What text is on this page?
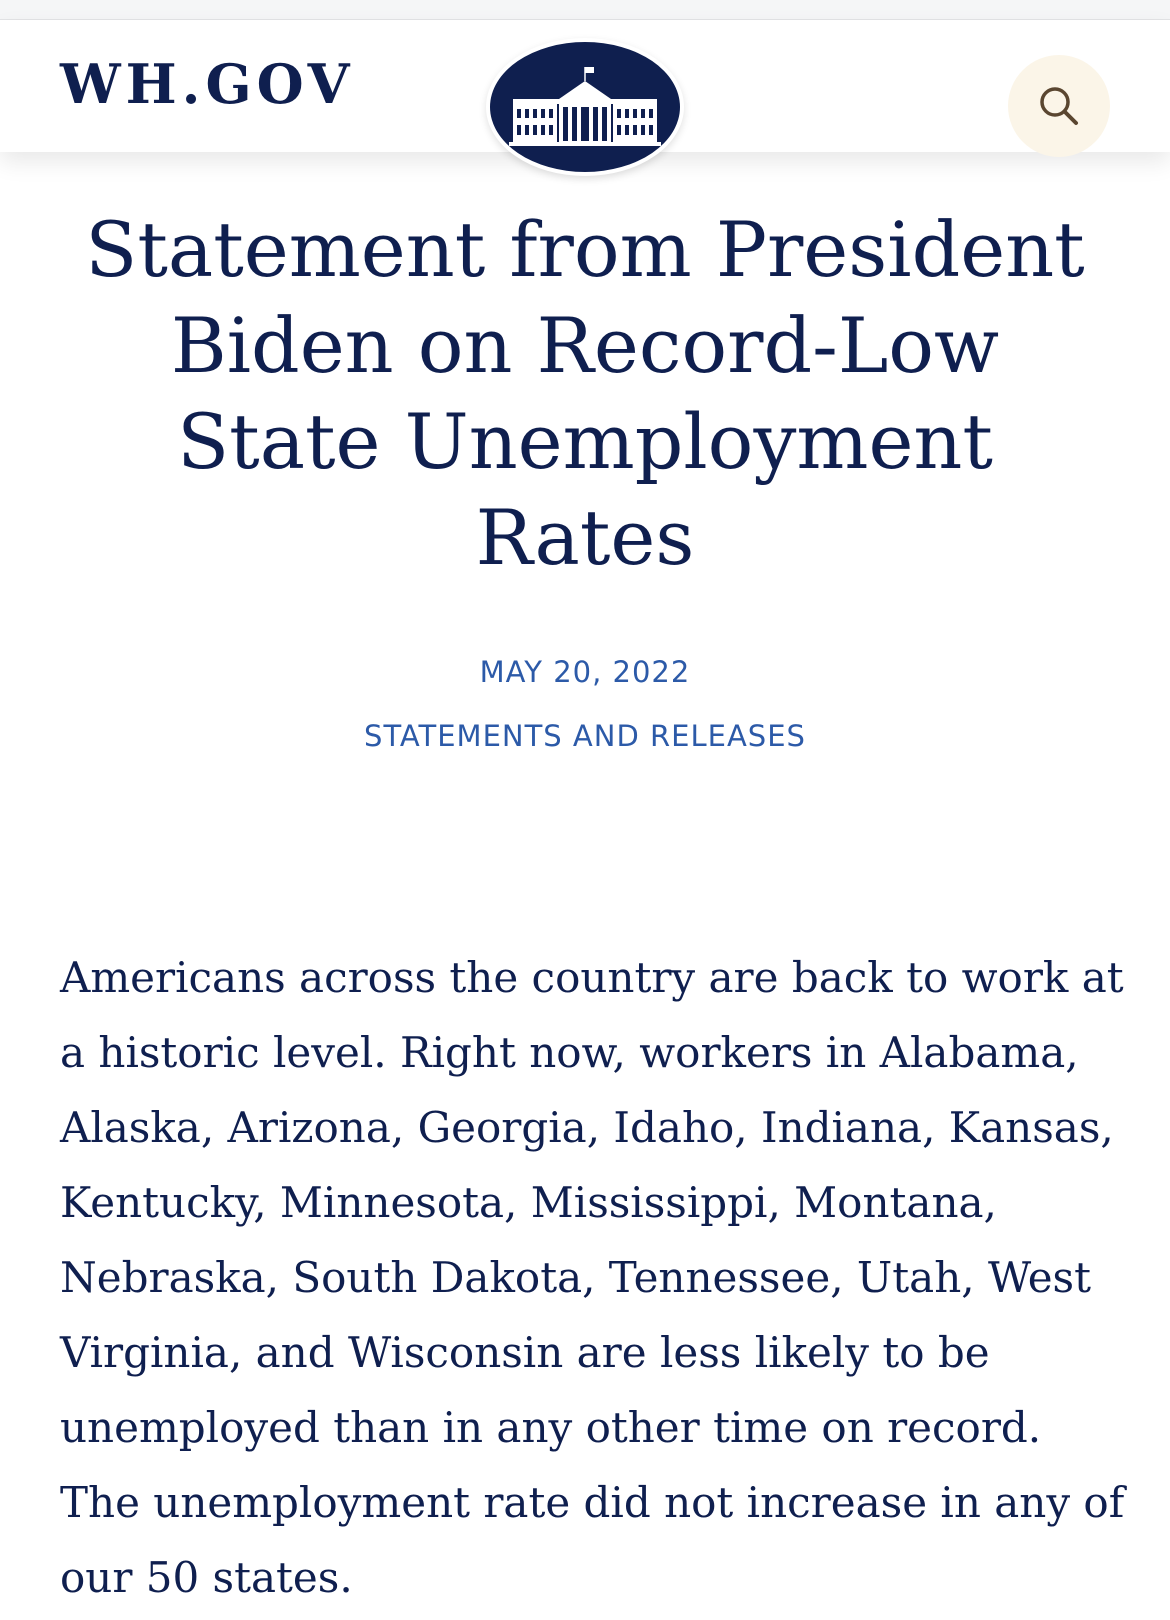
WH.GOV
Statement from President Biden on Record-Low State Unemployment Rates
MAY 20, 2022
STATEMENTS AND RELEASES

Americans across the country are back to work at a historic level. Right now, workers in Alabama, Alaska, Arizona, Georgia, Idaho, Indiana, Kansas, Kentucky, Minnesota, Mississippi, Montana, Nebraska, South Dakota, Tennessee, Utah, West Virginia, and Wisconsin are less likely to be unemployed than in any other time on record. The unemployment rate did not increase in any of our 50 states.
